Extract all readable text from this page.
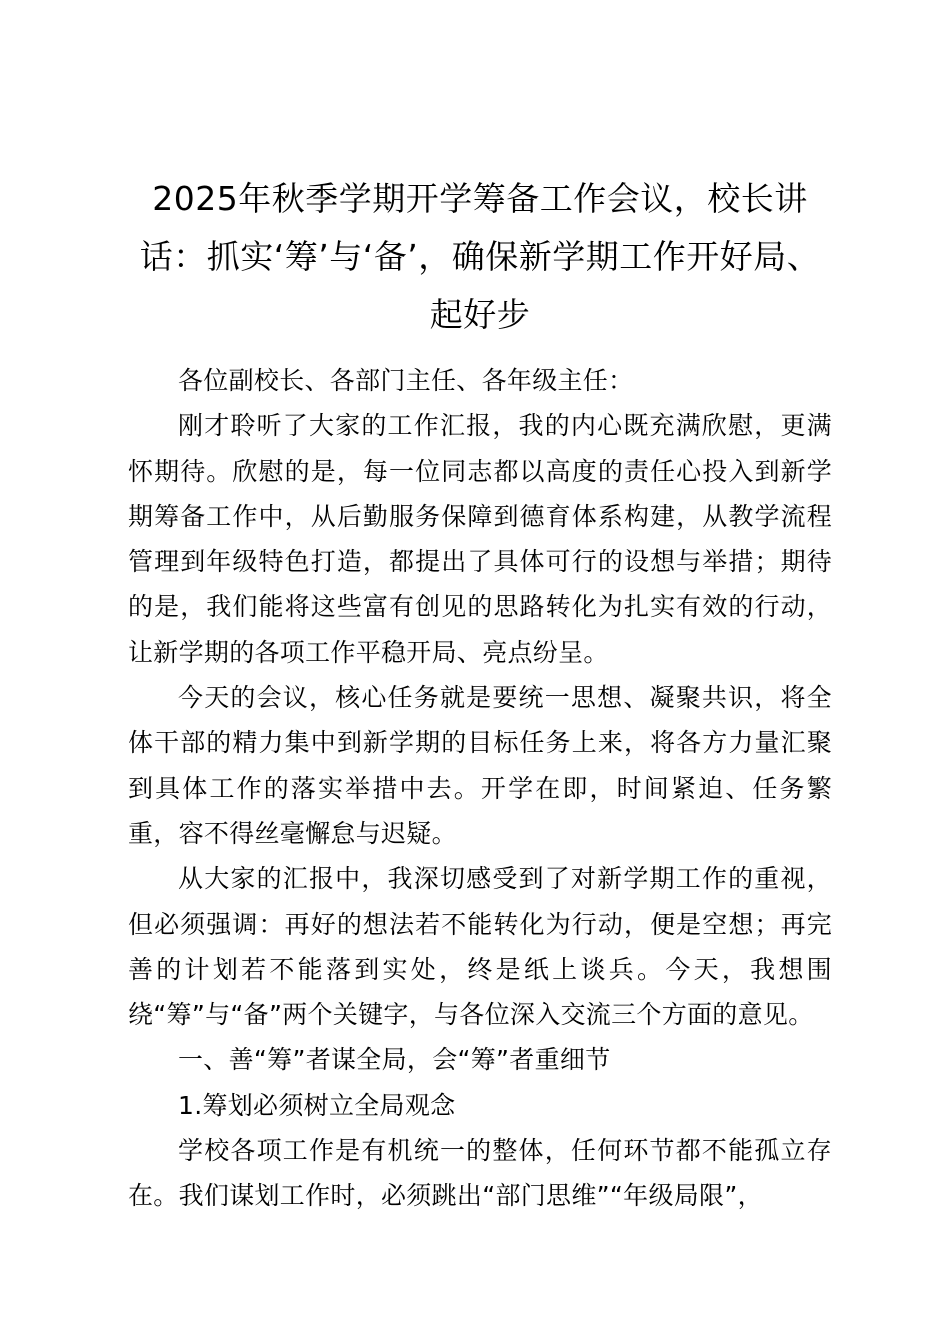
2025年秋季学期开学筹备工作会议，校长讲话：抓实‘筹’与‘备’，确保新学期工作开好局、起好步

各位副校长、各部门主任、各年级主任：

刚才聆听了大家的工作汇报，我的内心既充满欣慰，更满怀期待。欣慰的是，每一位同志都以高度的责任心投入到新学期筹备工作中，从后勤服务保障到德育体系构建，从教学流程管理到年级特色打造，都提出了具体可行的设想与举措；期待的是，我们能将这些富有创见的思路转化为扎实有效的行动，让新学期的各项工作平稳开局、亮点纷呈。

今天的会议，核心任务就是要统一思想、凝聚共识，将全体干部的精力集中到新学期的目标任务上来，将各方力量汇聚到具体工作的落实举措中去。开学在即，时间紧迫、任务繁重，容不得丝毫懈怠与迟疑。

从大家的汇报中，我深切感受到了对新学期工作的重视，但必须强调：再好的想法若不能转化为行动，便是空想；再完善的计划若不能落到实处，终是纸上谈兵。今天，我想围绕“筹”与“备”两个关键字，与各位深入交流三个方面的意见。

一、善“筹”者谋全局，会“筹”者重细节

1.筹划必须树立全局观念

学校各项工作是有机统一的整体，任何环节都不能孤立存在。我们谋划工作时，必须跳出“部门思维”“年级局限”，
